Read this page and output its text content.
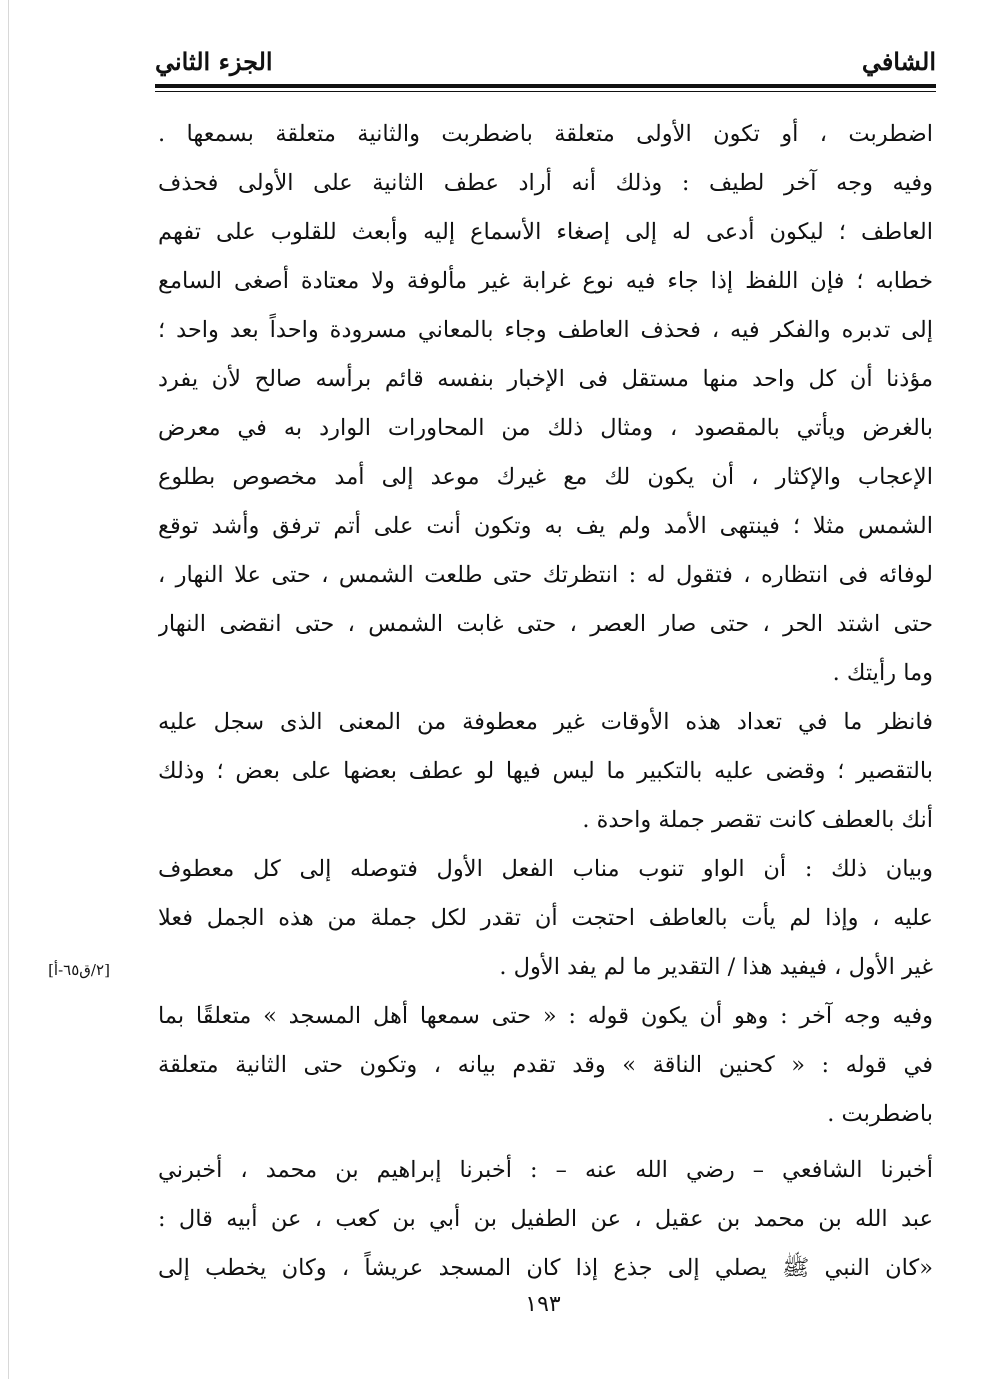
الشافي
الجزء الثاني
اضطربت ، أو تكون الأولى متعلقة باضطربت والثانية متعلقة بسمعها .
وفيه وجه آخر لطيف : وذلك أنه أراد عطف الثانية على الأولى فحذف
العاطف ؛ ليكون أدعى له إلى إصغاء الأسماع إليه وأبعث للقلوب على تفهم
خطابه ؛ فإن اللفظ إذا جاء فيه نوع غرابة غير مألوفة ولا معتادة أصغى السامع
إلى تدبره والفكر فيه ، فحذف العاطف وجاء بالمعاني مسرودة واحداً بعد واحد ؛
مؤذنا أن كل واحد منها مستقل فى الإخبار بنفسه قائم برأسه صالح لأن يفرد
بالغرض ويأتي بالمقصود ، ومثال ذلك من المحاورات الوارد به في معرض
الإعجاب والإكثار ، أن يكون لك مع غيرك موعد إلى أمد مخصوص بطلوع
الشمس مثلا ؛ فينتهى الأمد ولم يف به وتكون أنت على أتم ترفق وأشد توقع
لوفائه فى انتظاره ، فتقول له : انتظرتك حتى طلعت الشمس ، حتى علا النهار ،
حتى اشتد الحر ، حتى صار العصر ، حتى غابت الشمس ، حتى انقضى النهار
وما رأيتك .
فانظر ما في تعداد هذه الأوقات غير معطوفة من المعنى الذى سجل عليه
بالتقصير ؛ وقضى عليه بالتكبير ما ليس فيها لو عطف بعضها على بعض ؛ وذلك
أنك بالعطف كانت تقصر جملة واحدة .
وبيان ذلك : أن الواو تنوب مناب الفعل الأول فتوصله إلى كل معطوف
عليه ، وإذا لم يأت بالعاطف احتجت أن تقدر لكل جملة من هذه الجمل فعلا
غير الأول ، فيفيد هذا / التقدير ما لم يفد الأول .
وفيه وجه آخر : وهو أن يكون قوله : « حتى سمعها أهل المسجد » متعلقًا بما
في قوله : « كحنين الناقة » وقد تقدم بيانه ، وتكون حتى الثانية متعلقة
باضطربت .
أخبرنا الشافعي – رضي الله عنه – : أخبرنا إبراهيم بن محمد ، أخبرني
عبد الله بن محمد بن عقيل ، عن الطفيل بن أبي بن كعب ، عن أبيه قال :
«كان النبي ﷺ يصلي إلى جذع إذا كان المسجد عريشاً ، وكان يخطب إلى
[٢/ق٦٥-أ]
١٩٣
